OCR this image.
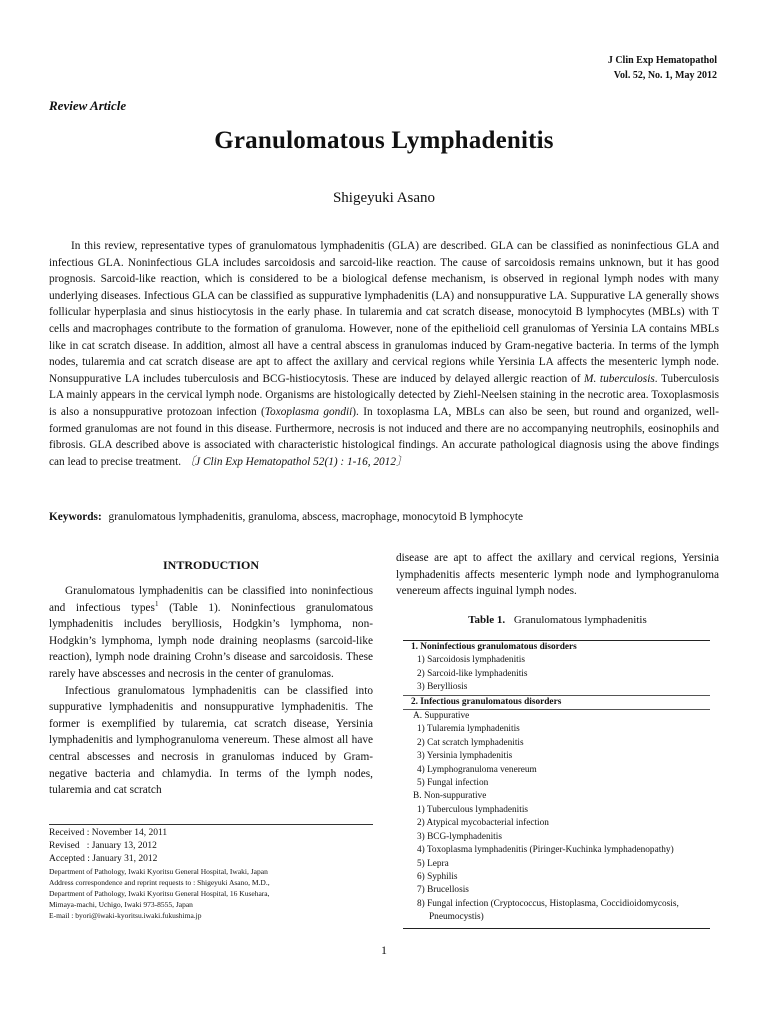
J Clin Exp Hematopathol
Vol. 52, No. 1, May 2012
Review Article
Granulomatous Lymphadenitis
Shigeyuki Asano

In this review, representative types of granulomatous lymphadenitis (GLA) are described. GLA can be classified as noninfectious GLA and infectious GLA. Noninfectious GLA includes sarcoidosis and sarcoid-like reaction. The cause of sarcoidosis remains unknown, but it has good prognosis. Sarcoid-like reaction, which is considered to be a biological defense mechanism, is observed in regional lymph nodes with many underlying diseases. Infectious GLA can be classified as suppurative lymphadenitis (LA) and nonsuppurative LA. Suppurative LA generally shows follicular hyperplasia and sinus histiocytosis in the early phase. In tularemia and cat scratch disease, monocytoid B lymphocytes (MBLs) with T cells and macrophages contribute to the formation of granuloma. However, none of the epithelioid cell granulomas of Yersinia LA contains MBLs like in cat scratch disease. In addition, almost all have a central abscess in granulomas induced by Gram-negative bacteria. In terms of the lymph nodes, tularemia and cat scratch disease are apt to affect the axillary and cervical regions while Yersinia LA affects the mesenteric lymph node. Nonsuppurative LA includes tuberculosis and BCG-histiocytosis. These are induced by delayed allergic reaction of M. tuberculosis. Tuberculosis LA mainly appears in the cervical lymph node. Organisms are histologically detected by Ziehl-Neelsen staining in the necrotic area. Toxoplasmosis is also a nonsuppurative protozoan infection (Toxoplasma gondii). In toxoplasma LA, MBLs can also be seen, but round and organized, well-formed granulomas are not found in this disease. Furthermore, necrosis is not induced and there are no accompanying neutrophils, eosinophils and fibrosis. GLA described above is associated with characteristic histological findings. An accurate pathological diagnosis using the above findings can lead to precise treatment. 〔J Clin Exp Hematopathol 52(1) : 1-16, 2012〕

Keywords: granulomatous lymphadenitis, granuloma, abscess, macrophage, monocytoid B lymphocyte
INTRODUCTION

Granulomatous lymphadenitis can be classified into noninfectious and infectious types$^1$ (Table 1). Noninfectious granulomatous lymphadenitis includes berylliosis, Hodgkin’s lymphoma, non-Hodgkin’s lymphoma, lymph node draining neoplasms (sarcoid-like reaction), lymph node draining Crohn’s disease and sarcoidosis. These rarely have abscesses and necrosis in the center of granulomas.

Infectious granulomatous lymphadenitis can be classified into suppurative lymphadenitis and nonsuppurative lymphadenitis. The former is exemplified by tularemia, cat scratch disease, Yersinia lymphadenitis and lymphogranuloma venereum. These almost all have central abscesses and necrosis in granulomas induced by Gram-negative bacteria and chlamydia. In terms of the lymph nodes, tularemia and cat scratch

disease are apt to affect the axillary and cervical regions, Yersinia lymphadenitis affects mesenteric lymph node and lymphogranuloma venereum affects inguinal lymph nodes.

Received : November 14, 2011
Revised   : January 13, 2012
Accepted : January 31, 2012
Department of Pathology, Iwaki Kyoritsu General Hospital, Iwaki, Japan
Address correspondence and reprint requests to : Shigeyuki Asano, M.D.,
Department of Pathology, Iwaki Kyoritsu General Hospital, 16 Kusehara,
Mimaya-machi, Uchigo, Iwaki 973-8555, Japan
E-mail : byori@iwaki-kyoritsu.iwaki.fukushima.jp
Table 1. Granulomatous lymphadenitis
1. Noninfectious granulomatous disorders
1) Sarcoidosis lymphadenitis
2) Sarcoid-like lymphadenitis
3) Berylliosis
2. Infectious granulomatous disorders
A. Suppurative
1) Tularemia lymphadenitis
2) Cat scratch lymphadenitis
3) Yersinia lymphadenitis
4) Lymphogranuloma venereum
5) Fungal infection
B. Non-suppurative
1) Tuberculous lymphadenitis
2) Atypical mycobacterial infection
3) BCG-lymphadenitis
4) Toxoplasma lymphadenitis (Piringer-Kuchinka lymphadenopathy)
5) Lepra
6) Syphilis
7) Brucellosis
8) Fungal infection (Cryptococcus, Histoplasma, Coccidioidomycosis,
Pneumocystis)
1
